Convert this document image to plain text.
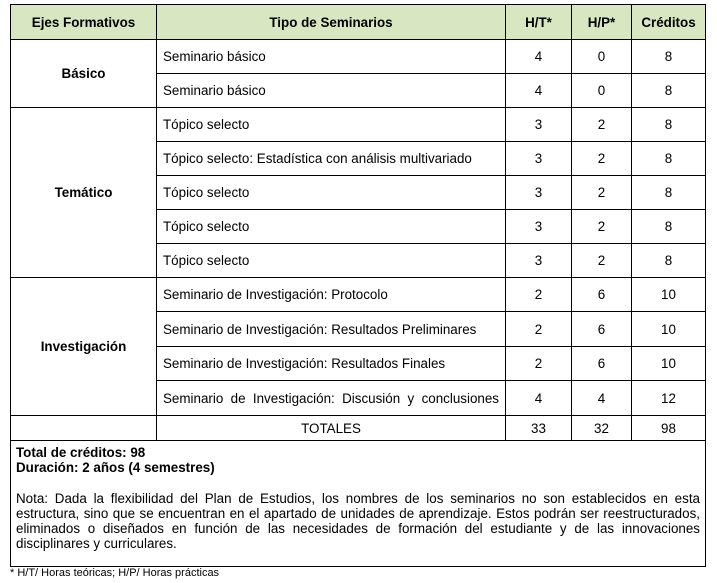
Ejes Formativos	Tipo de Seminarios	H/T*	H/P*	Créditos
Básico	Seminario básico	4	0	8
	Seminario básico	4	0	8
Temático	Tópico selecto	3	2	8
	Tópico selecto: Estadística con análisis multivariado	3	2	8
	Tópico selecto	3	2	8
	Tópico selecto	3	2	8
	Tópico selecto	3	2	8
Investigación	Seminario de Investigación: Protocolo	2	6	10
	Seminario de Investigación: Resultados Preliminares	2	6	10
	Seminario de Investigación: Resultados Finales	2	6	10
	Seminario de Investigación: Discusión y conclusiones	4	4	12
	TOTALES	33	32	98

Total de créditos: 98
Duración: 2 años (4 semestres)
Nota: Dada la flexibilidad del Plan de Estudios, los nombres de los seminarios no son establecidos en esta estructura, sino que se encuentran en el apartado de unidades de aprendizaje. Estos podrán ser reestructurados, eliminados o diseñados en función de las necesidades de formación del estudiante y de las innovaciones disciplinares y curriculares.				
* H/T/ Horas teóricas; H/P/ Horas prácticas
